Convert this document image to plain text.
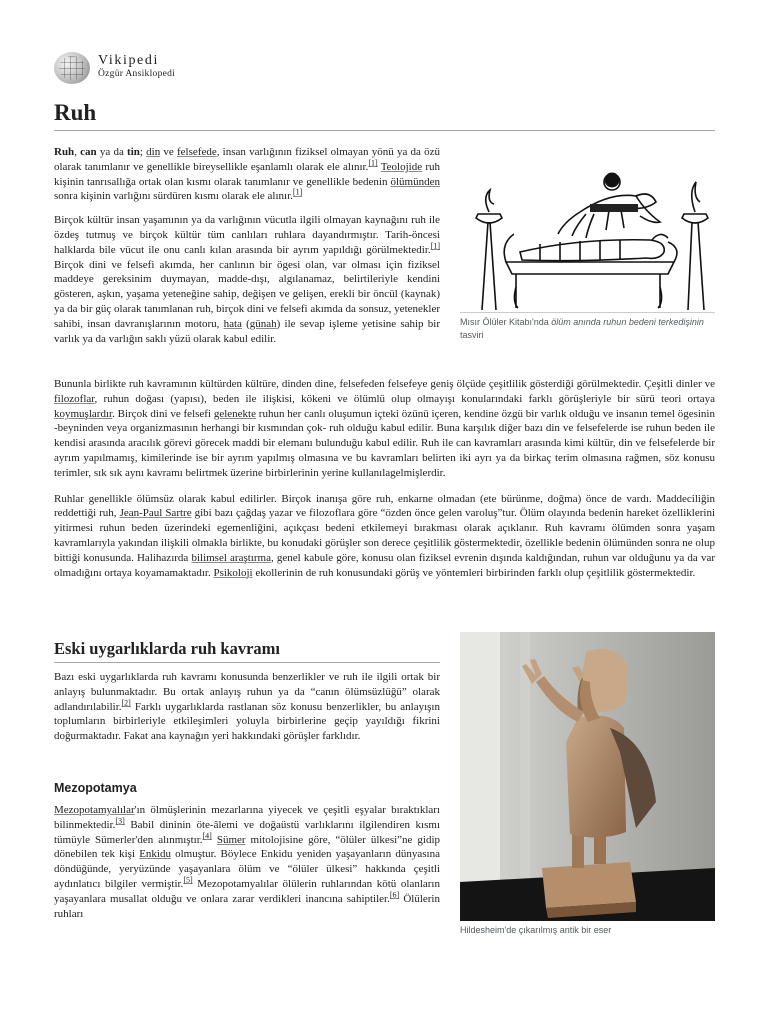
Vikipedi
Özgür Ansiklopedi
Ruh

Ruh, can ya da tin; din ve felsefede, insan varlığının fiziksel olmayan yönü ya da özü olarak tanımlanır ve genellikle bireysellikle eşanlamlı olarak ele alınır.[1] Teolojide ruh kişinin tanrısallığa ortak olan kısmı olarak tanımlanır ve genellikle bedenin ölümünden sonra kişinin varlığını sürdüren kısmı olarak ele alınır.[1]

Birçok kültür insan yaşamının ya da varlığının vücutla ilgili olmayan kaynağını ruh ile özdeş tutmuş ve birçok kültür tüm canlıları ruhlara dayandırmıştır. Tarih-öncesi halklarda bile vücut ile onu canlı kılan arasında bir ayrım yapıldığı görülmektedir.[1] Birçok dini ve felsefi akımda, her canlının bir ögesi olan, var olması için fiziksel maddeye gereksinim duymayan, madde-dışı, algılanamaz, belirtileriyle kendini gösteren, aşkın, yaşama yeteneğine sahip, değişen ve gelişen, erekli bir öncül (kaynak) ya da bir güç olarak tanımlanan ruh, birçok dini ve felsefi akımda da sonsuz, yetenekler sahibi, insan davranışlarının motoru, hata (günah) ile sevap işleme yetisine sahip bir varlık ya da varlığın saklı yüzü olarak kabul edilir.

Mısır Ölüler Kitabı'nda ölüm anında ruhun bedeni terkedişinin tasviri

Bununla birlikte ruh kavramının kültürden kültüre, dinden dine, felsefeden felsefeye geniş ölçüde çeşitlilik gösterdiği görülmektedir. Çeşitli dinler ve filozoflar, ruhun doğası (yapısı), beden ile ilişkisi, kökeni ve ölümlü olup olmayışı konularındaki farklı görüşleriyle bir sürü teori ortaya koymuşlardır. Birçok dini ve felsefi gelenekte ruhun her canlı oluşumun içteki özünü içeren, kendine özgü bir varlık olduğu ve insanın temel ögesinin -beyninden veya organizmasının herhangi bir kısmından çok- ruh olduğu kabul edilir. Buna karşılık diğer bazı din ve felsefelerde ise ruhun beden ile kendisi arasında aracılık görevi görecek maddi bir elemanı bulunduğu kabul edilir. Ruh ile can kavramları arasında kimi kültür, din ve felsefelerde bir ayrım yapılmamış, kimilerinde ise bir ayrım yapılmış olmasına ve bu kavramları belirten iki ayrı ya da birkaç terim olmasına rağmen, söz konusu terimler, sık sık aynı kavramı belirtmek üzerine birbirlerinin yerine kullanılagelmişlerdir.

Ruhlar genellikle ölümsüz olarak kabul edilirler. Birçok inanışa göre ruh, enkarne olmadan (ete bürünme, doğma) önce de vardı. Maddeciliğin reddettiği ruh, Jean-Paul Sartre gibi bazı çağdaş yazar ve filozoflara göre “özden önce gelen varoluş”tur. Ölüm olayında bedenin hareket özelliklerini yitirmesi ruhun beden üzerindeki egemenliğini, açıkçası bedeni etkilemeyi bırakması olarak açıklanır. Ruh kavramı ölümden sonra yaşam kavramlarıyla yakından ilişkili olmakla birlikte, bu konudaki görüşler son derece çeşitlilik göstermektedir, özellikle bedenin ölümünden sonra ne olup bittiği konusunda. Halihazırda bilimsel araştırma, genel kabule göre, konusu olan fiziksel evrenin dışında kaldığından, ruhun var olduğunu ya da var olmadığını ortaya koyamamaktadır. Psikoloji ekollerinin de ruh konusundaki görüş ve yöntemleri birbirinden farklı olup çeşitlilik göstermektedir.

Eski uygarlıklarda ruh kavramı

Bazı eski uygarlıklarda ruh kavramı konusunda benzerlikler ve ruh ile ilgili ortak bir anlayış bulunmaktadır. Bu ortak anlayış ruhun ya da “canın ölümsüzlüğü” olarak adlandırılabilir.[2] Farklı uygarlıklarda rastlanan söz konusu benzerlikler, bu anlayışın toplumların birbirleriyle etkileşimleri yoluyla birbirlerine geçip yayıldığı fikrini doğurmaktadır. Fakat ana kaynağın yeri hakkındaki görüşler farklıdır.

Mezopotamya

Mezopotamyalılar'ın ölmüşlerinin mezarlarına yiyecek ve çeşitli eşyalar bıraktıkları bilinmektedir.[3] Babil dininin öte-âlemi ve doğaüstü varlıklarını ilgilendiren kısmı tümüyle Sümerler'den alınmıştır.[4] Sümer mitolojisine göre, “ölüler ülkesi”ne gidip dönebilen tek kişi Enkidu olmuştur. Böylece Enkidu yeniden yaşayanların dünyasına döndüğünde, yeryüzünde yaşayanlara ölüm ve “ölüler ülkesi” hakkında çeşitli aydınlatıcı bilgiler vermiştir.[5] Mezopotamyalılar ölülerin ruhlarından kötü olanların yaşayanlara musallat olduğu ve onlara zarar verdikleri inancına sahiptiler.[6] Ölülerin ruhları

Hildesheim'de çıkarılmış antik bir eser
